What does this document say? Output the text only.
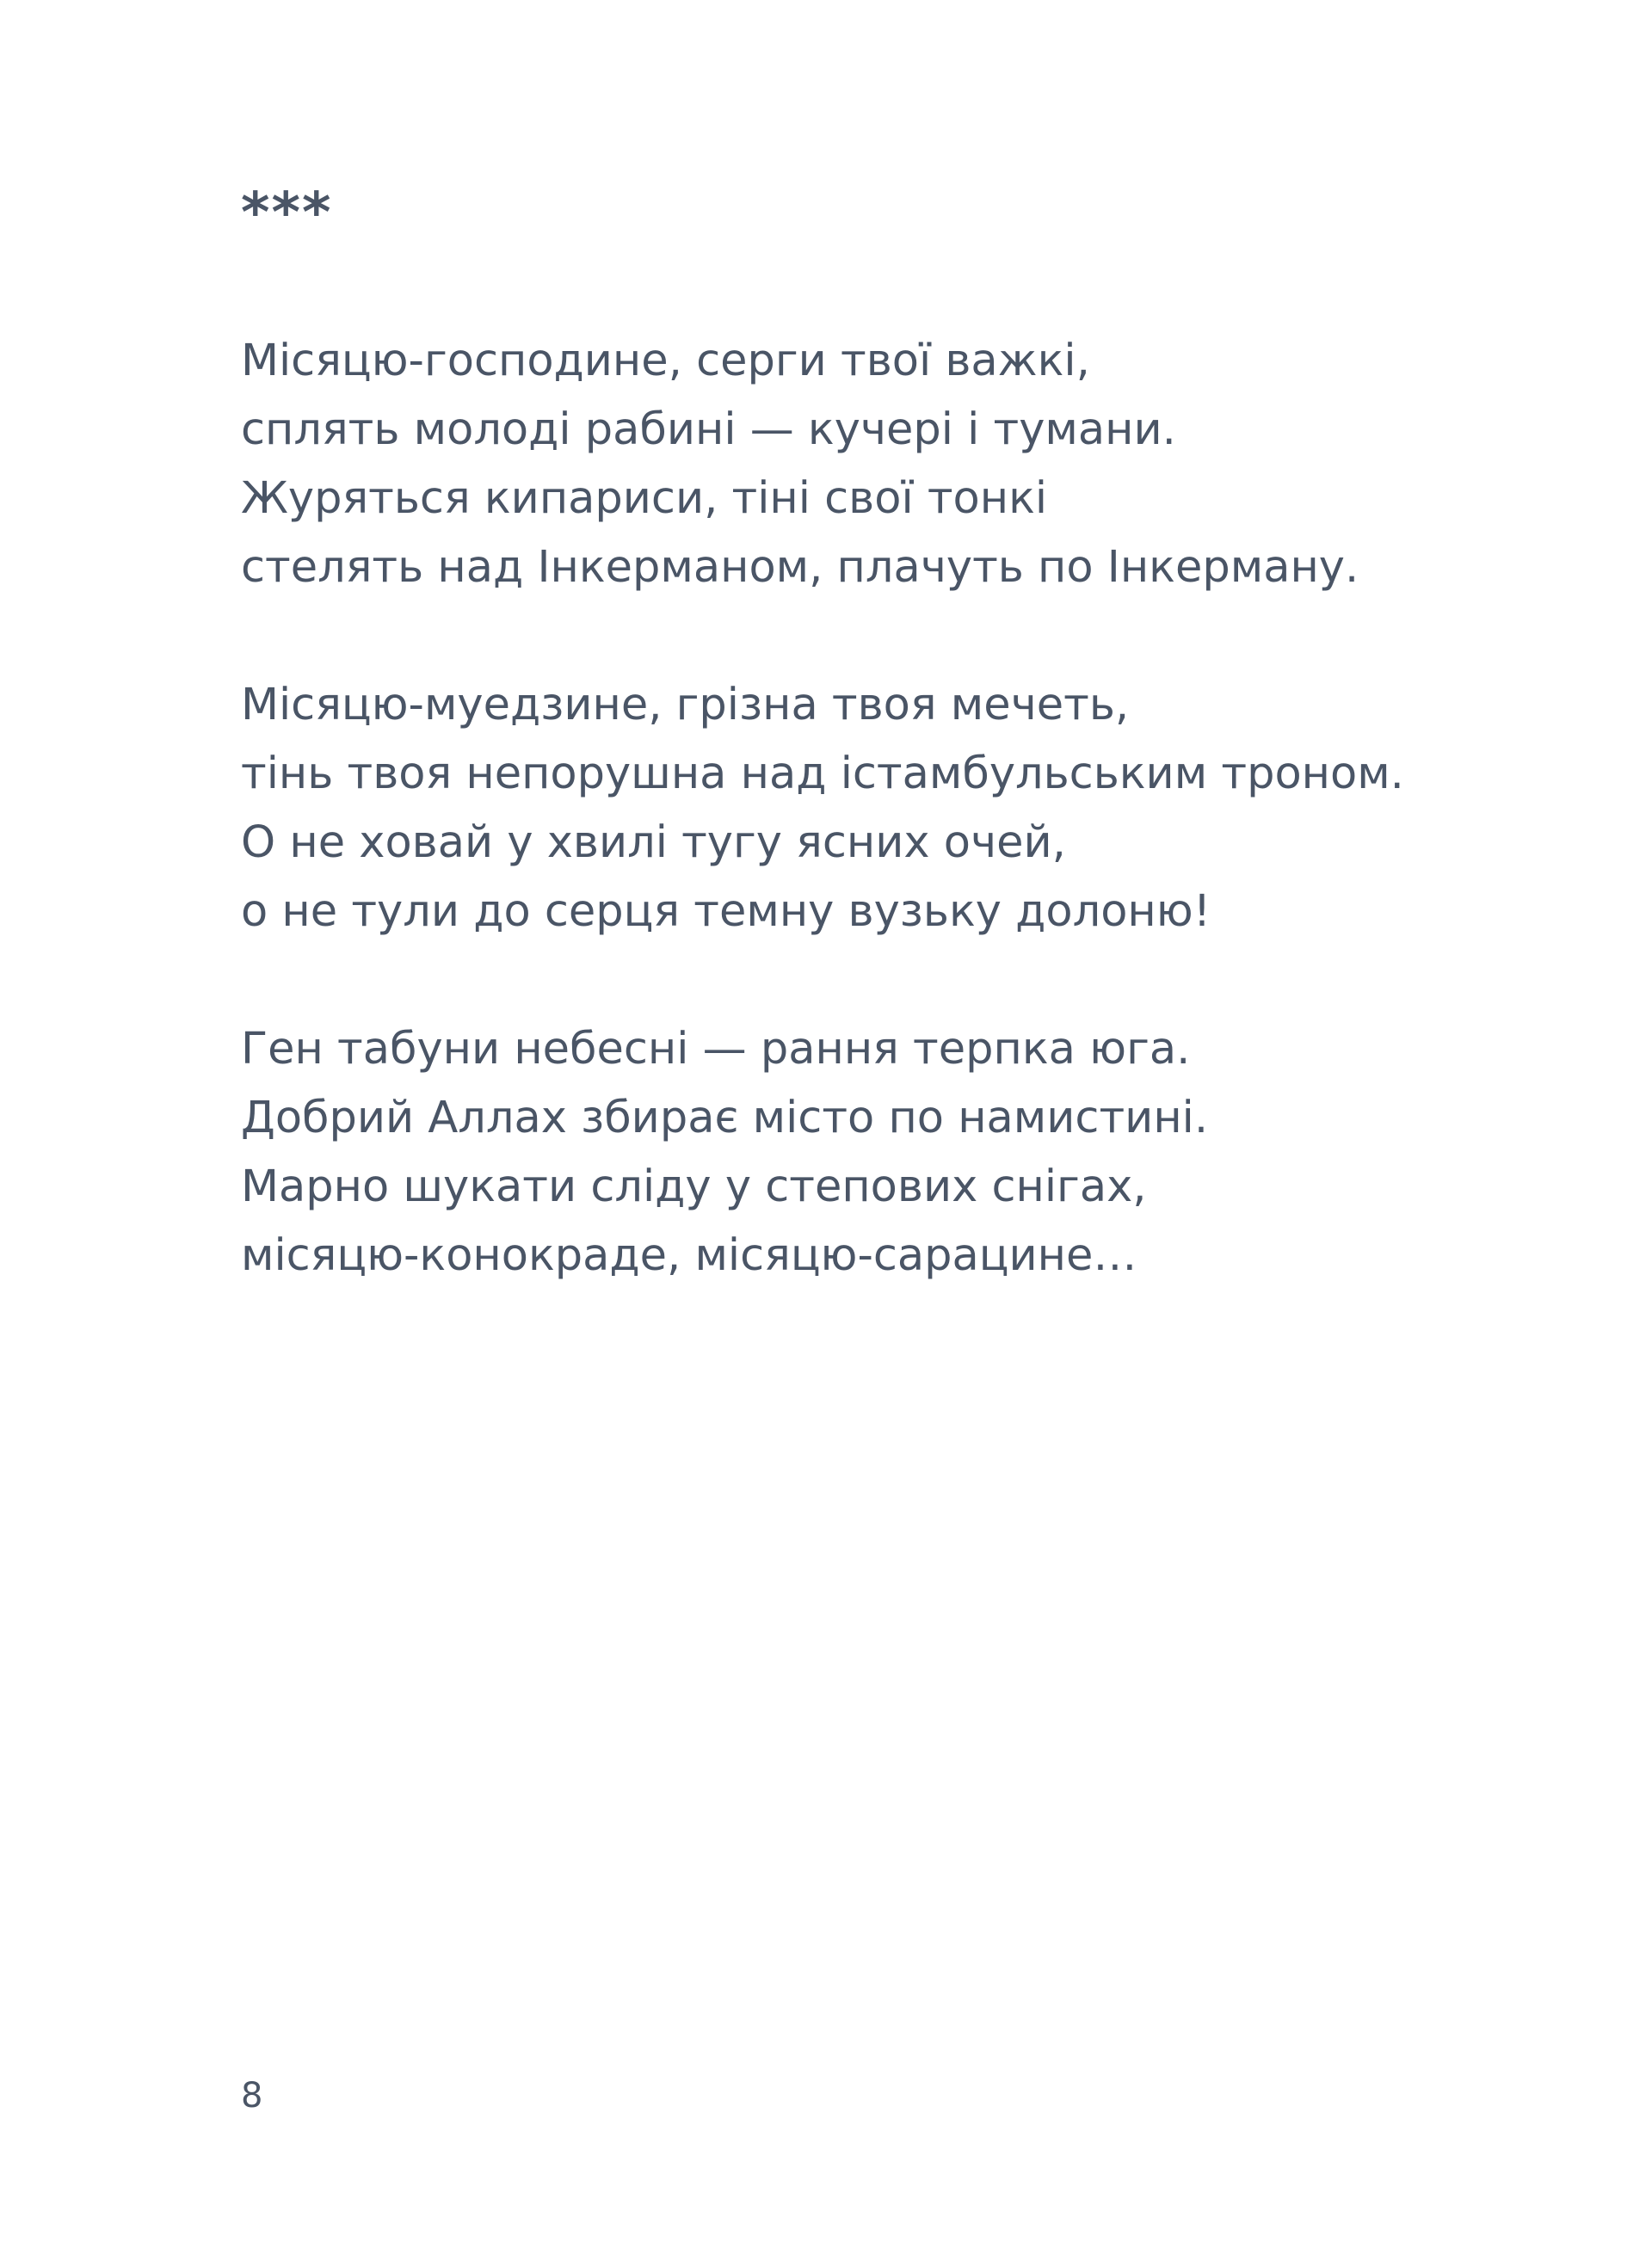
***
Місяцю-господине, серги твої важкі,
сплять молоді рабині — кучері і тумани.
Журяться кипариси, тіні свої тонкі
стелять над Інкерманом, плачуть по Інкерману.
Місяцю-муедзине, грізна твоя мечеть,
тінь твоя непорушна над істамбульським троном.
О не ховай у хвилі тугу ясних очей,
о не тули до серця темну вузьку долоню!
Ген табуни небесні — рання терпка юга.
Добрий Аллах збирає місто по намистині.
Марно шукати сліду у степових снігах,
місяцю-конокраде, місяцю-сарацине…
8
